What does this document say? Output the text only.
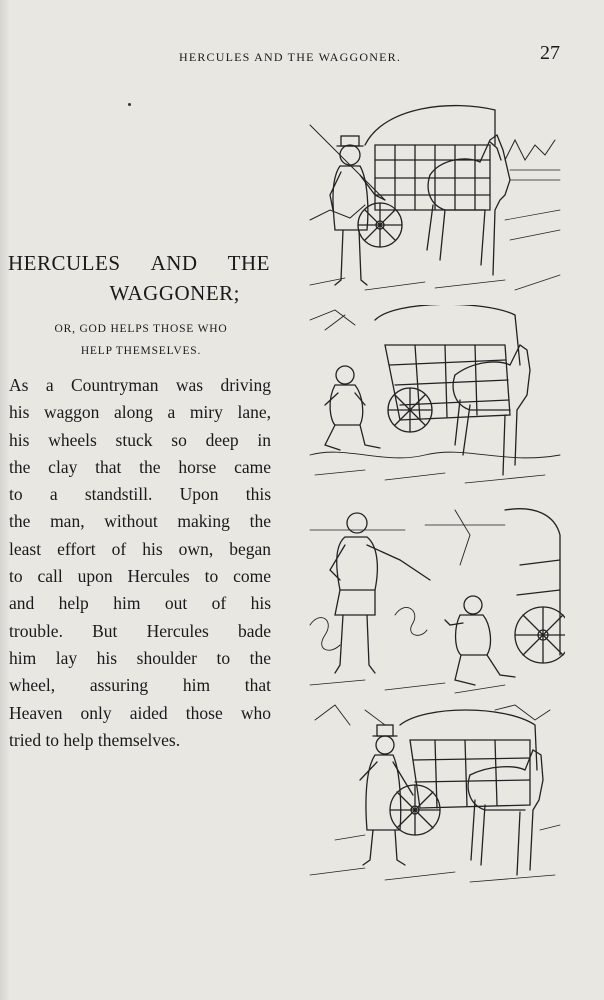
HERCULES AND THE WAGGONER.	27
HERCULES AND THE
WAGGONER;
OR, GOD HELPS THOSE WHO
HELP THEMSELVES.
As a Countryman was driving
his waggon along a miry lane,
his wheels stuck so deep in
the clay that the horse came
to a standstill. Upon this
the man, without making the
least effort of his own, began
to call upon Hercules to come
and help him out of his
trouble. But Hercules bade
him lay his shoulder to the
wheel, assuring him that
Heaven only aided those who
tried to help themselves.
